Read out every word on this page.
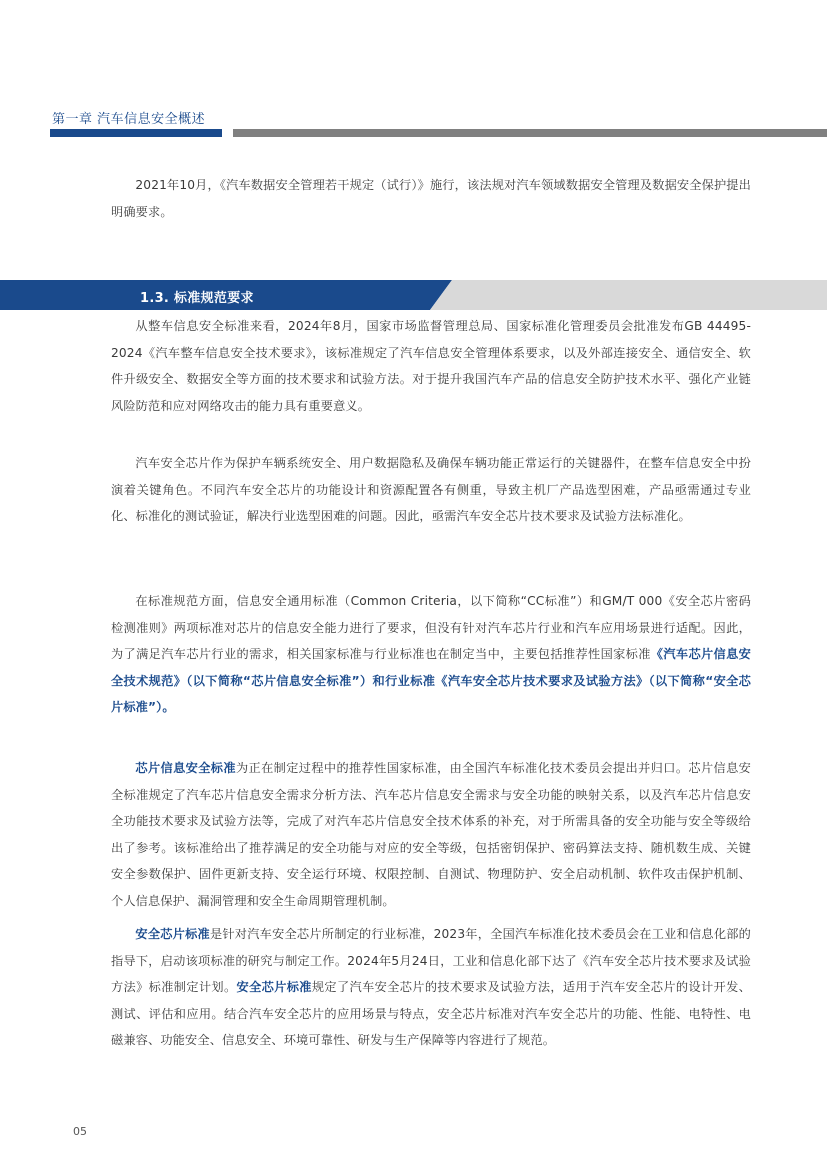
第一章 汽车信息安全概述

2021年10月，《汽车数据安全管理若干规定（试行）》施行，该法规对汽车领域数据安全管理及数据安全保护提出明确要求。

1.3. 标准规范要求

从整车信息安全标准来看，2024年8月，国家市场监督管理总局、国家标准化管理委员会批准发布GB 44495-2024《汽车整车信息安全技术要求》，该标准规定了汽车信息安全管理体系要求，以及外部连接安全、通信安全、软件升级安全、数据安全等方面的技术要求和试验方法。对于提升我国汽车产品的信息安全防护技术水平、强化产业链风险防范和应对网络攻击的能力具有重要意义。

汽车安全芯片作为保护车辆系统安全、用户数据隐私及确保车辆功能正常运行的关键器件，在整车信息安全中扮演着关键角色。不同汽车安全芯片的功能设计和资源配置各有侧重，导致主机厂产品选型困难，产品亟需通过专业化、标准化的测试验证，解决行业选型困难的问题。因此，亟需汽车安全芯片技术要求及试验方法标准化。

在标准规范方面，信息安全通用标准（Common Criteria，以下简称“CC标准”）和GM/T 000《安全芯片密码检测准则》两项标准对芯片的信息安全能力进行了要求，但没有针对汽车芯片行业和汽车应用场景进行适配。因此，为了满足汽车芯片行业的需求，相关国家标准与行业标准也在制定当中，主要包括推荐性国家标准《汽车芯片信息安全技术规范》（以下简称“芯片信息安全标准”）和行业标准《汽车安全芯片技术要求及试验方法》（以下简称“安全芯片标准”）。

芯片信息安全标准为正在制定过程中的推荐性国家标准，由全国汽车标准化技术委员会提出并归口。芯片信息安全标准规定了汽车芯片信息安全需求分析方法、汽车芯片信息安全需求与安全功能的映射关系，以及汽车芯片信息安全功能技术要求及试验方法等，完成了对汽车芯片信息安全技术体系的补充，对于所需具备的安全功能与安全等级给出了参考。该标准给出了推荐满足的安全功能与对应的安全等级，包括密钥保护、密码算法支持、随机数生成、关键安全参数保护、固件更新支持、安全运行环境、权限控制、自测试、物理防护、安全启动机制、软件攻击保护机制、个人信息保护、漏洞管理和安全生命周期管理机制。

安全芯片标准是针对汽车安全芯片所制定的行业标准，2023年，全国汽车标准化技术委员会在工业和信息化部的指导下，启动该项标准的研究与制定工作。2024年5月24日，工业和信息化部下达了《汽车安全芯片技术要求及试验方法》标准制定计划。安全芯片标准规定了汽车安全芯片的技术要求及试验方法，适用于汽车安全芯片的设计开发、测试、评估和应用。结合汽车安全芯片的应用场景与特点，安全芯片标准对汽车安全芯片的功能、性能、电特性、电磁兼容、功能安全、信息安全、环境可靠性、研发与生产保障等内容进行了规范。

05
